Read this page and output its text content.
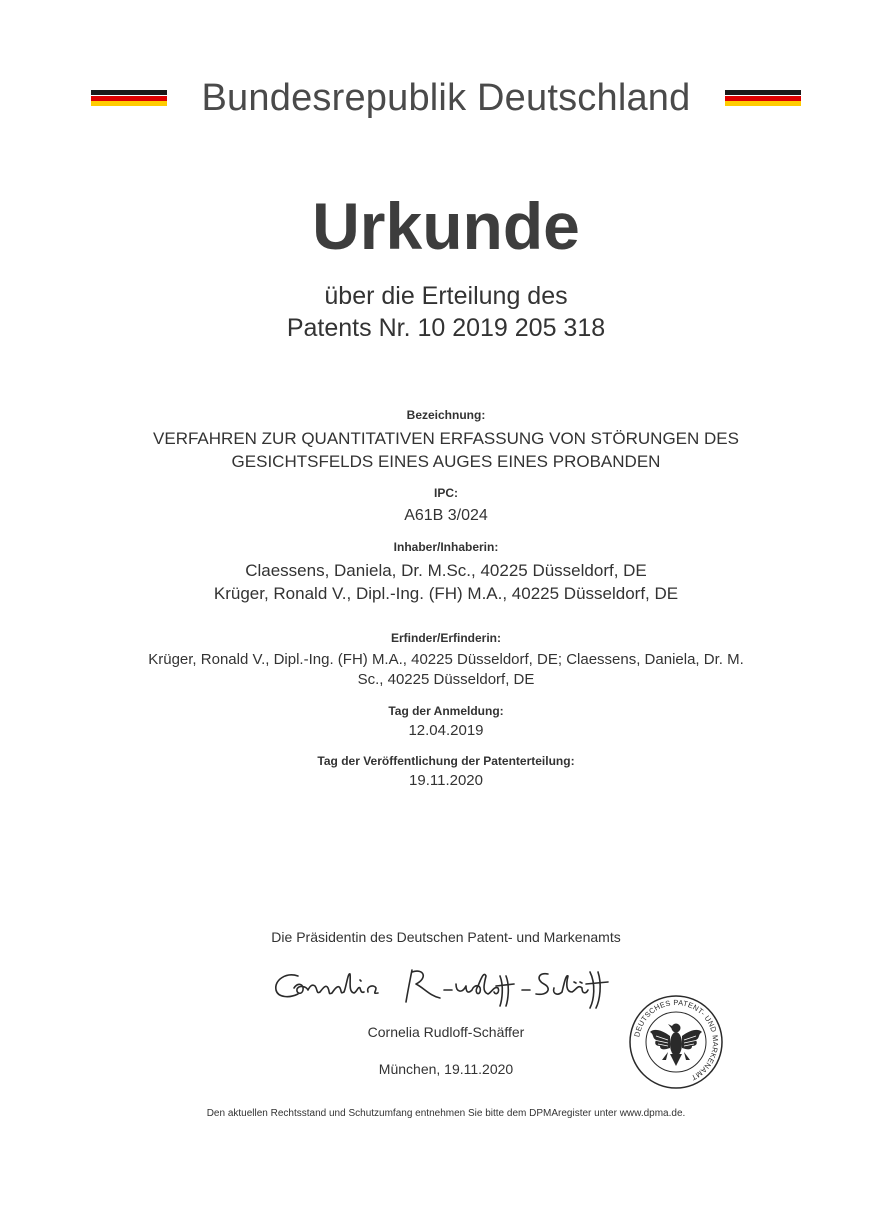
Bundesrepublik Deutschland
Urkunde
über die Erteilung des
Patents Nr. 10 2019 205 318
Bezeichnung:
VERFAHREN ZUR QUANTITATIVEN ERFASSUNG VON STÖRUNGEN DES
GESICHTSFELDS EINES AUGES EINES PROBANDEN
IPC:
A61B 3/024
Inhaber/Inhaberin:
Claessens, Daniela, Dr. M.Sc., 40225 Düsseldorf, DE
Krüger, Ronald V., Dipl.-Ing. (FH) M.A., 40225 Düsseldorf, DE
Erfinder/Erfinderin:
Krüger, Ronald V., Dipl.-Ing. (FH) M.A., 40225 Düsseldorf, DE; Claessens, Daniela, Dr. M.
Sc., 40225 Düsseldorf, DE
Tag der Anmeldung:
12.04.2019
Tag der Veröffentlichung der Patenterteilung:
19.11.2020
Die Präsidentin des Deutschen Patent- und Markenamts
Cornelia Rudloff-Schäffer
München, 19.11.2020
DEUTSCHES PATENT- UND MARKENAMT
Den aktuellen Rechtsstand und Schutzumfang entnehmen Sie bitte dem DPMAregister unter www.dpma.de.
